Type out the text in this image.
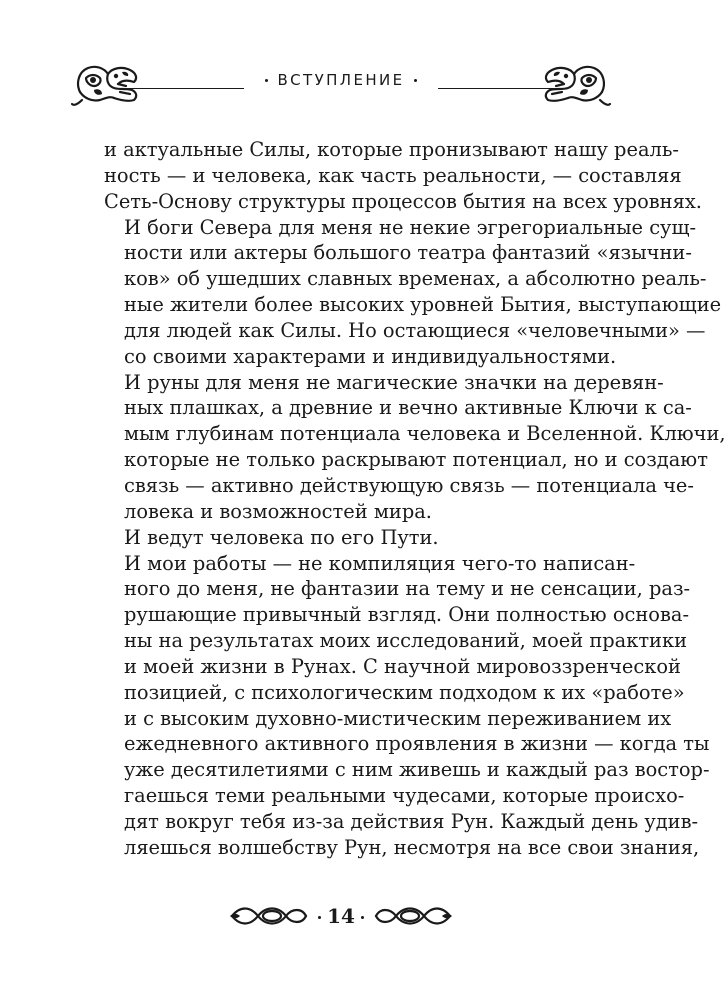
ВСТУПЛЕНИЕ

и актуальные Силы, которые пронизывают нашу реаль-
ность — и человека, как часть реальности, — составляя
Сеть-Основу структуры процессов бытия на всех уровнях.

И боги Севера для меня не некие эгрегориальные сущ-
ности или актеры большого театра фантазий «язычни-
ков» об ушедших славных временах, а абсолютно реаль-
ные жители более высоких уровней Бытия, выступающие
для людей как Силы. Но остающиеся «человечными» —
со своими характерами и индивидуальностями.

И руны для меня не магические значки на деревян-
ных плашках, а древние и вечно активные Ключи к са-
мым глубинам потенциала человека и Вселенной. Ключи,
которые не только раскрывают потенциал, но и создают
связь — активно действующую связь — потенциала че-
ловека и возможностей мира.

И ведут человека по его Пути.

И мои работы — не компиляция чего-то написан-
ного до меня, не фантазии на тему и не сенсации, раз-
рушающие привычный взгляд. Они полностью основа-
ны на результатах моих исследований, моей практики
и моей жизни в Рунах. С научной мировоззренческой
позицией, с психологическим подходом к их «работе»
и с высоким духовно-мистическим переживанием их
ежедневного активного проявления в жизни — когда ты
уже десятилетиями с ним живешь и каждый раз востор-
гаешься теми реальными чудесами, которые происхо-
дят вокруг тебя из-за действия Рун. Каждый день удив-
ляешься волшебству Рун, несмотря на все свои знания,

14
